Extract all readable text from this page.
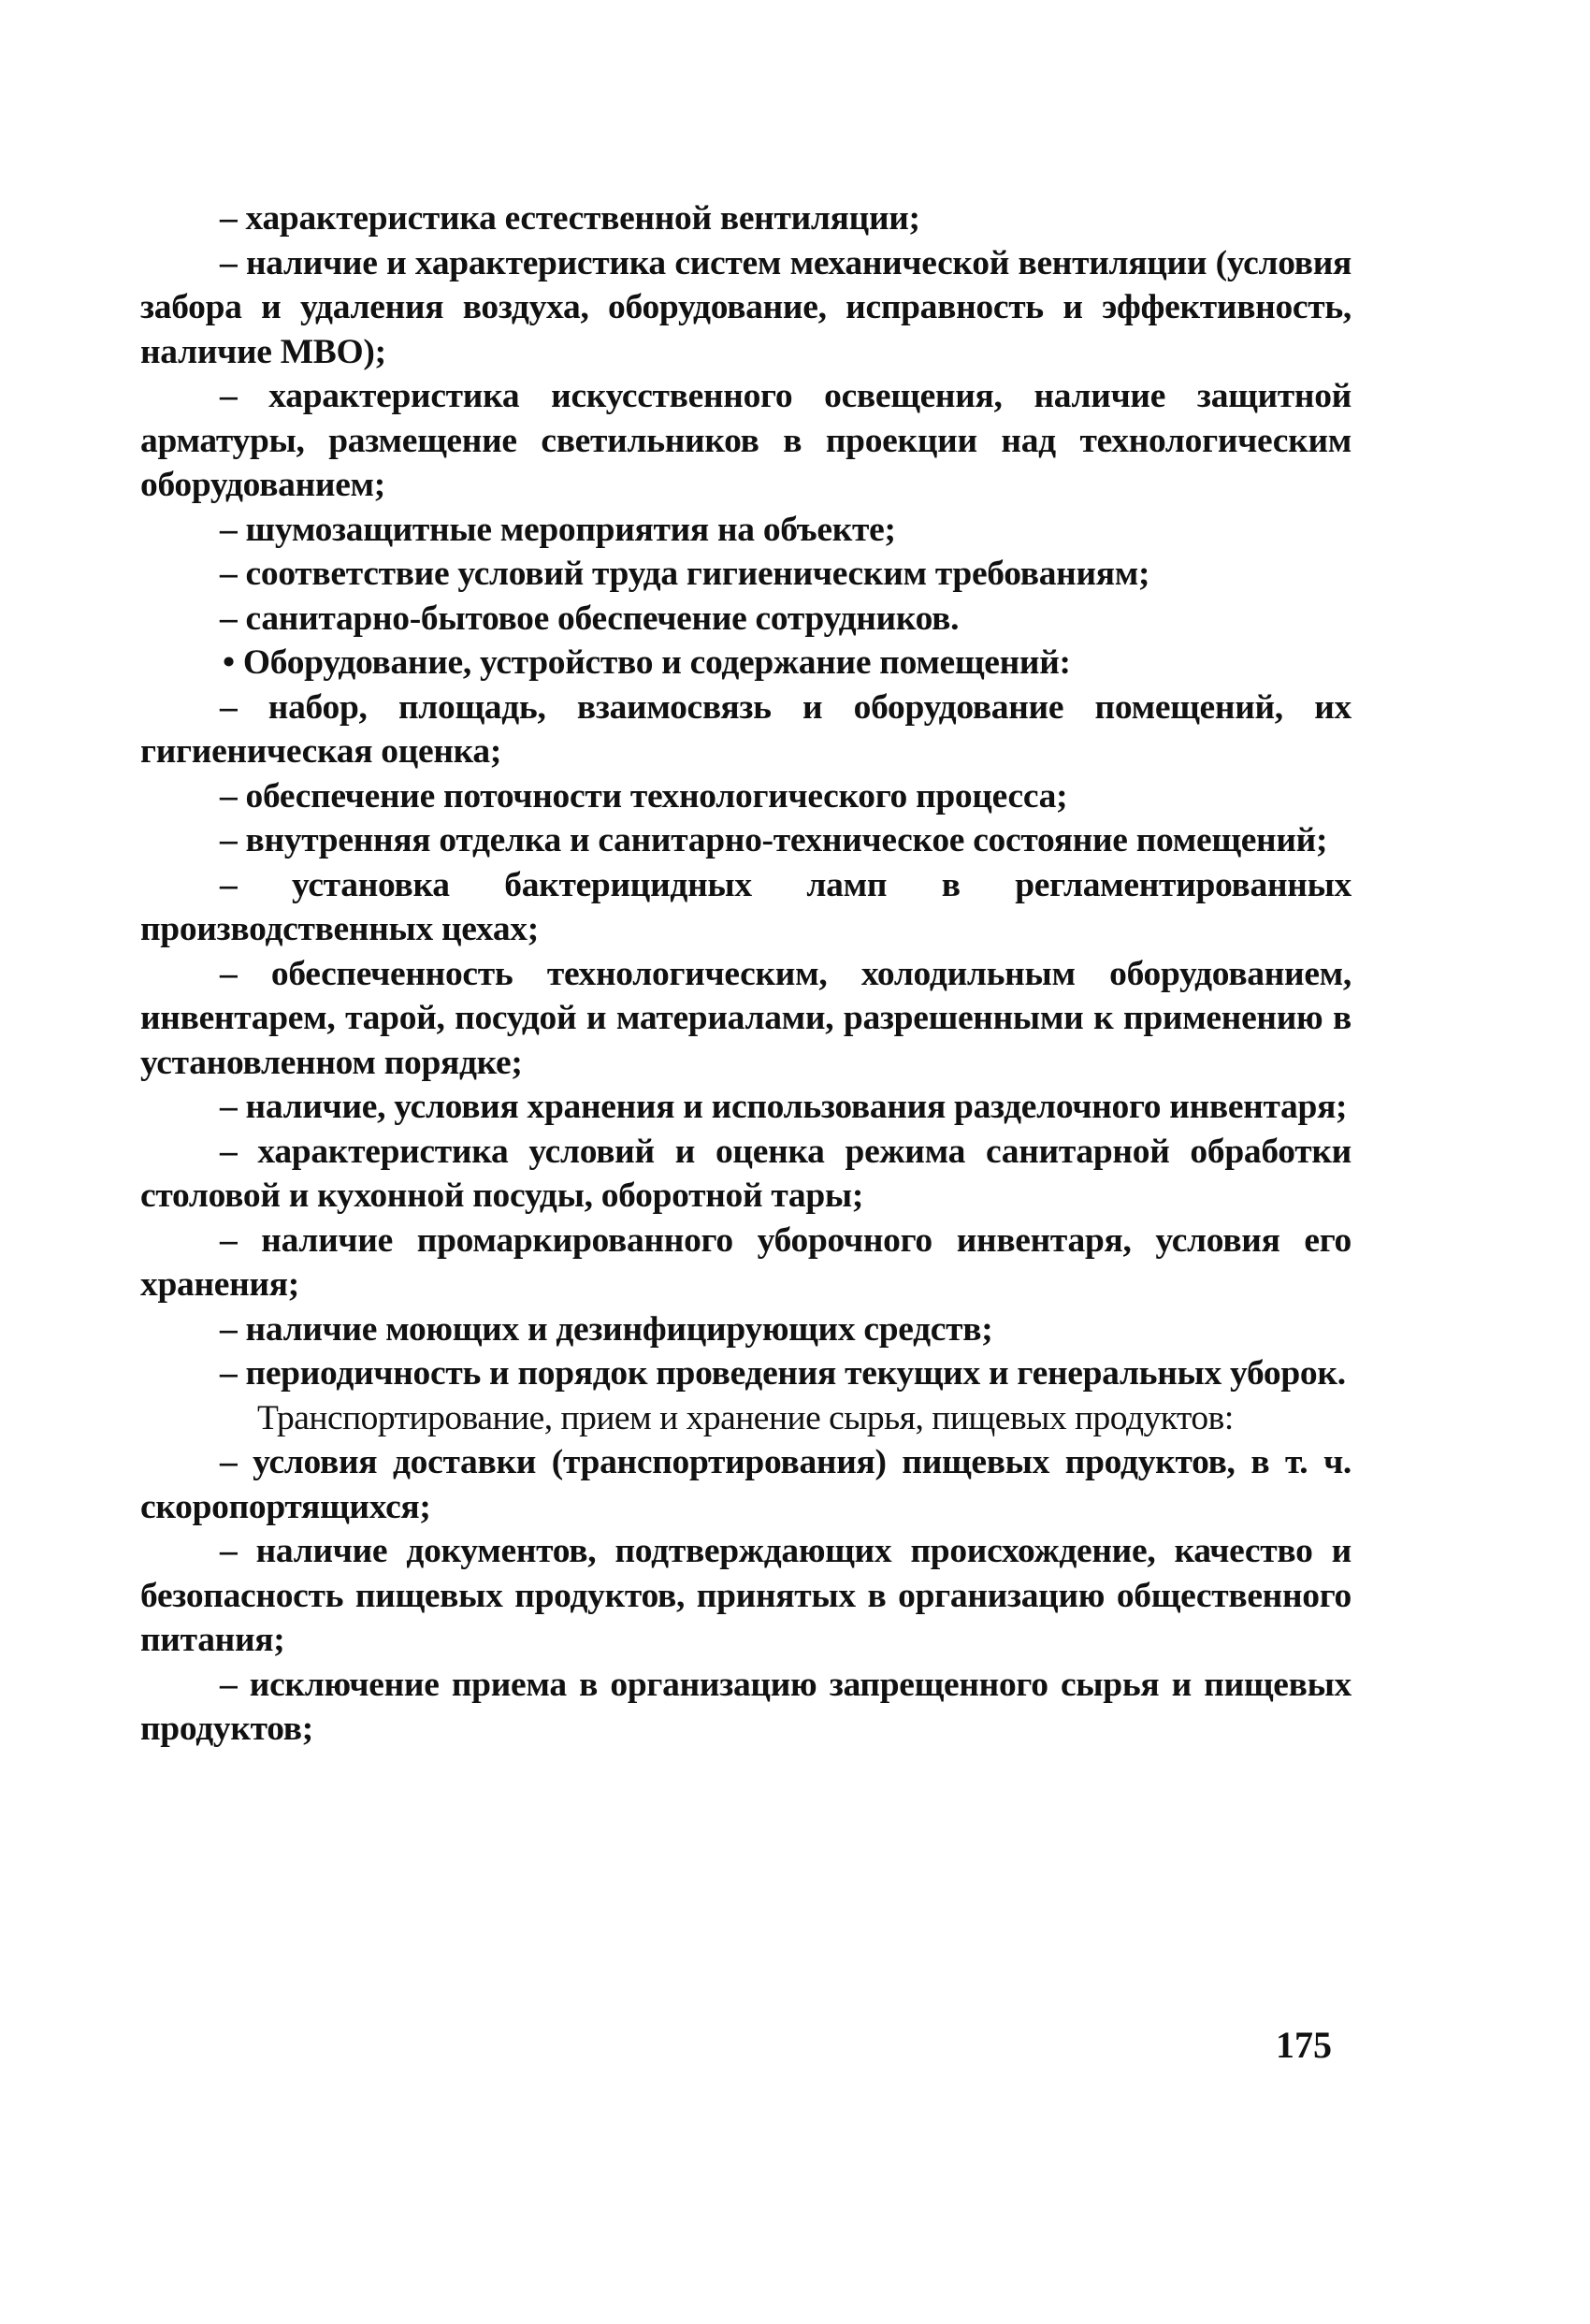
– характеристика естественной вентиляции;

– наличие и характеристика систем механической вентиляции (условия забора и удаления воздуха, оборудование, исправность и эффективность, наличие МВО);

– характеристика искусственного освещения, наличие защитной арматуры, размещение светильников в проекции над технологическим оборудованием;

– шумозащитные мероприятия на объекте;

– соответствие условий труда гигиеническим требованиям;

– санитарно-бытовое обеспечение сотрудников.

• Оборудование, устройство и содержание помещений:

– набор, площадь, взаимосвязь и оборудование помещений, их гигиеническая оценка;

– обеспечение поточности технологического процесса;

– внутренняя отделка и санитарно-техническое состояние помещений;

– установка бактерицидных ламп в регламентированных производственных цехах;

– обеспеченность технологическим, холодильным оборудованием, инвентарем, тарой, посудой и материалами, разрешенными к применению в установленном порядке;

– наличие, условия хранения и использования разделочного инвентаря;

– характеристика условий и оценка режима санитарной обработки столовой и кухонной посуды, оборотной тары;

– наличие промаркированного уборочного инвентаря, условия его хранения;

– наличие моющих и дезинфицирующих средств;

– периодичность и порядок проведения текущих и генеральных уборок.

Транспортирование, прием и хранение сырья, пищевых продуктов:

– условия доставки (транспортирования) пищевых продуктов, в т. ч. скоропортящихся;

– наличие документов, подтверждающих происхождение, качество и безопасность пищевых продуктов, принятых в организацию общественного питания;

– исключение приема в организацию запрещенного сырья и пищевых продуктов;

175
